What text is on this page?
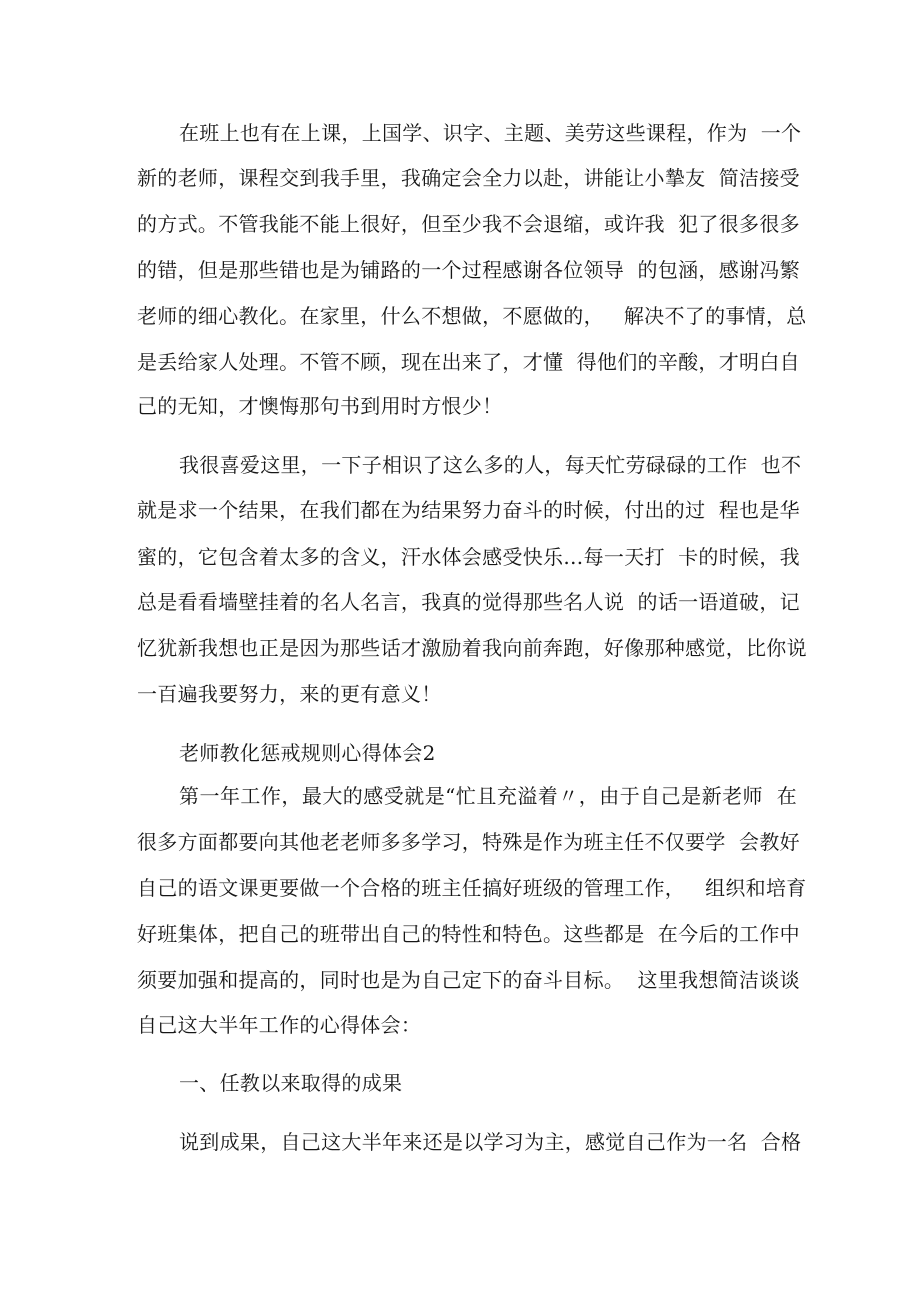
在班上也有在上课，上国学、识字、主题、美劳这些课程，作为  一个
新的老师，课程交到我手里，我确定会全力以赴，讲能让小摯友  简洁接受
的方式。不管我能不能上很好，但至少我不会退缩，或许我  犯了很多很多
的错，但是那些错也是为铺路的一个过程感谢各位领导  的包涵，感谢冯繁
老师的细心教化。在家里，什么不想做，不愿做的，   解决不了的事情，总
是丢给家人处理。不管不顾，现在出来了，才懂  得他们的辛酸，才明白自
己的无知，才懊悔那句书到用时方恨少！
我很喜爱这里，一下子相识了这么多的人，每天忙劳碌碌的工作  也不
就是求一个结果，在我们都在为结果努力奋斗的时候，付出的过  程也是华
蜜的，它包含着太多的含义，汗水体会感受快乐…每一天打  卡的时候，我
总是看看墙壁挂着的名人名言，我真的觉得那些名人说  的话一语道破，记
忆犹新我想也正是因为那些话才激励着我向前奔跑，好像那种感觉，比你说
一百遍我要努力，来的更有意义！
老师教化惩戒规则心得体会2
第一年工作，最大的感受就是“忙且充溢着〃，由于自己是新老师  在
很多方面都要向其他老老师多多学习，特殊是作为班主任不仅要学  会教好
自己的语文课更要做一个合格的班主任搞好班级的管理工作，   组织和培育
好班集体，把自己的班带出自己的特性和特色。这些都是  在今后的工作中
须要加强和提高的，同时也是为自己定下的奋斗目标。  这里我想简洁谈谈
自己这大半年工作的心得体会：
一、任教以来取得的成果
说到成果，自己这大半年来还是以学习为主，感觉自己作为一名  合格
